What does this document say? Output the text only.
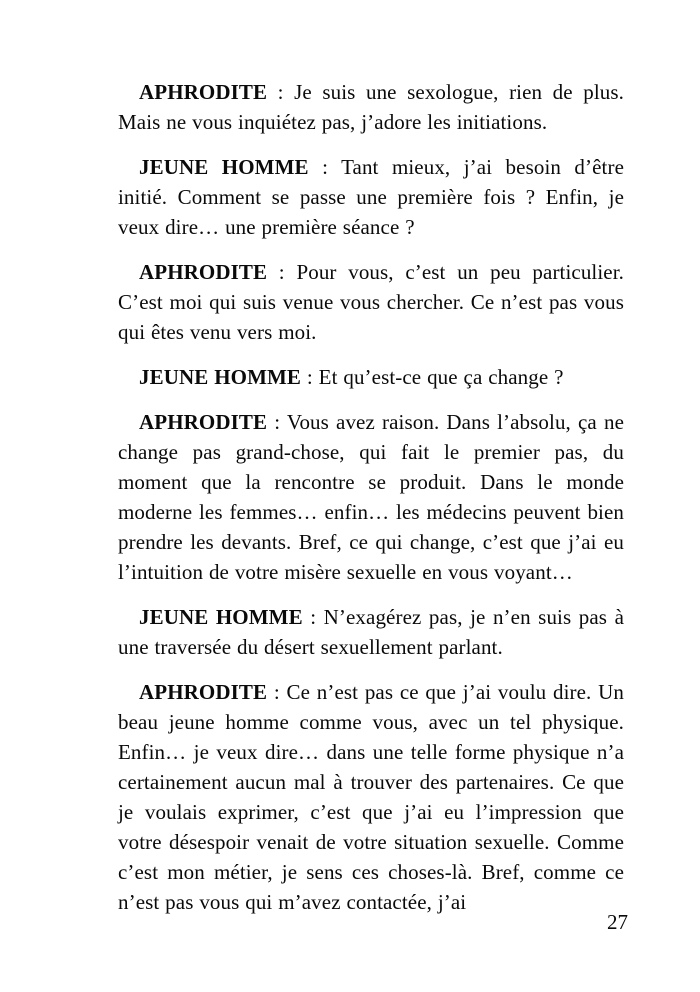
APHRODITE : Je suis une sexologue, rien de plus. Mais ne vous inquiétez pas, j’adore les initiations.

JEUNE HOMME : Tant mieux, j’ai besoin d’être initié. Comment se passe une première fois ? Enfin, je veux dire… une première séance ?

APHRODITE : Pour vous, c’est un peu particulier. C’est moi qui suis venue vous chercher. Ce n’est pas vous qui êtes venu vers moi.

JEUNE HOMME : Et qu’est-ce que ça change ?

APHRODITE : Vous avez raison. Dans l’absolu, ça ne change pas grand-chose, qui fait le premier pas, du moment que la rencontre se produit. Dans le monde moderne les femmes… enfin… les médecins peuvent bien prendre les devants. Bref, ce qui change, c’est que j’ai eu l’intuition de votre misère sexuelle en vous voyant…

JEUNE HOMME : N’exagérez pas, je n’en suis pas à une traversée du désert sexuellement parlant.

APHRODITE : Ce n’est pas ce que j’ai voulu dire. Un beau jeune homme comme vous, avec un tel physique. Enfin… je veux dire… dans une telle forme physique n’a certainement aucun mal à trouver des partenaires. Ce que je voulais exprimer, c’est que j’ai eu l’impression que votre désespoir venait de votre situation sexuelle. Comme c’est mon métier, je sens ces choses-là. Bref, comme ce n’est pas vous qui m’avez contactée, j’ai

27
